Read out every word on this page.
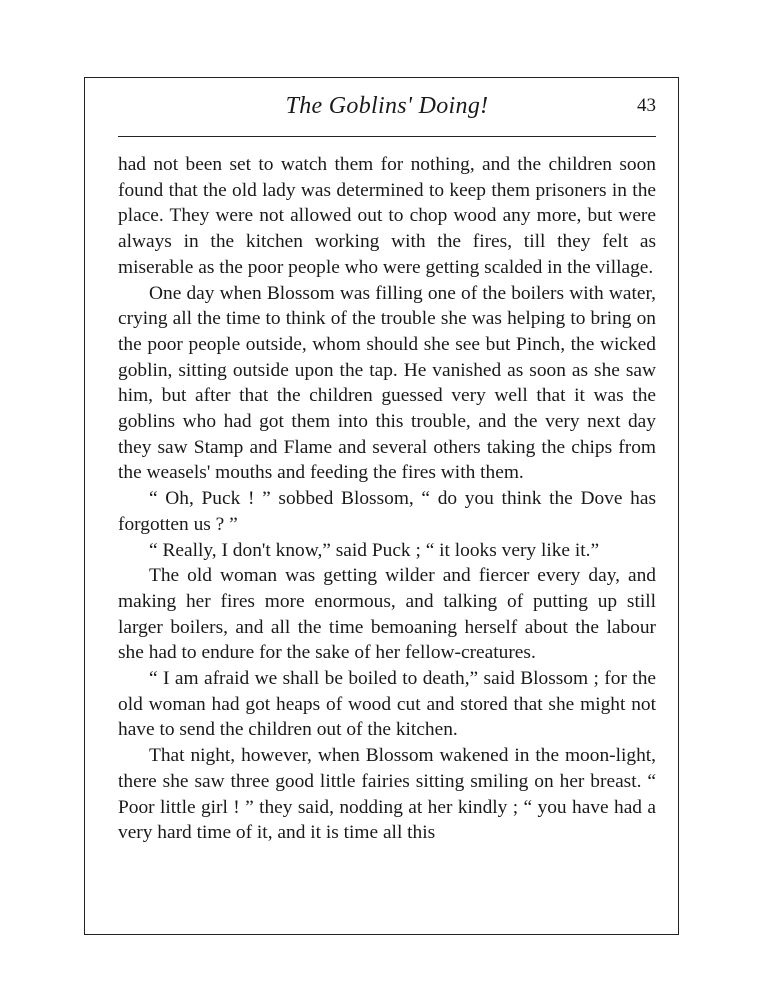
The Goblins' Doing!	43

had not been set to watch them for nothing, and the children soon found that the old lady was determined to keep them prisoners in the place. They were not allowed out to chop wood any more, but were always in the kitchen working with the fires, till they felt as miserable as the poor people who were getting scalded in the village.

One day when Blossom was filling one of the boilers with water, crying all the time to think of the trouble she was helping to bring on the poor people outside, whom should she see but Pinch, the wicked goblin, sitting outside upon the tap. He vanished as soon as she saw him, but after that the children guessed very well that it was the goblins who had got them into this trouble, and the very next day they saw Stamp and Flame and several others taking the chips from the weasels' mouths and feeding the fires with them.

“ Oh, Puck ! ” sobbed Blossom, “ do you think the Dove has forgotten us ? ”

“ Really, I don't know,” said Puck ; “ it looks very like it.”

The old woman was getting wilder and fiercer every day, and making her fires more enormous, and talking of putting up still larger boilers, and all the time bemoaning herself about the labour she had to endure for the sake of her fellow-creatures.

“ I am afraid we shall be boiled to death,” said Blossom ; for the old woman had got heaps of wood cut and stored that she might not have to send the children out of the kitchen.

That night, however, when Blossom wakened in the moon-light, there she saw three good little fairies sitting smiling on her breast. “ Poor little girl ! ” they said, nodding at her kindly ; “ you have had a very hard time of it, and it is time all this
